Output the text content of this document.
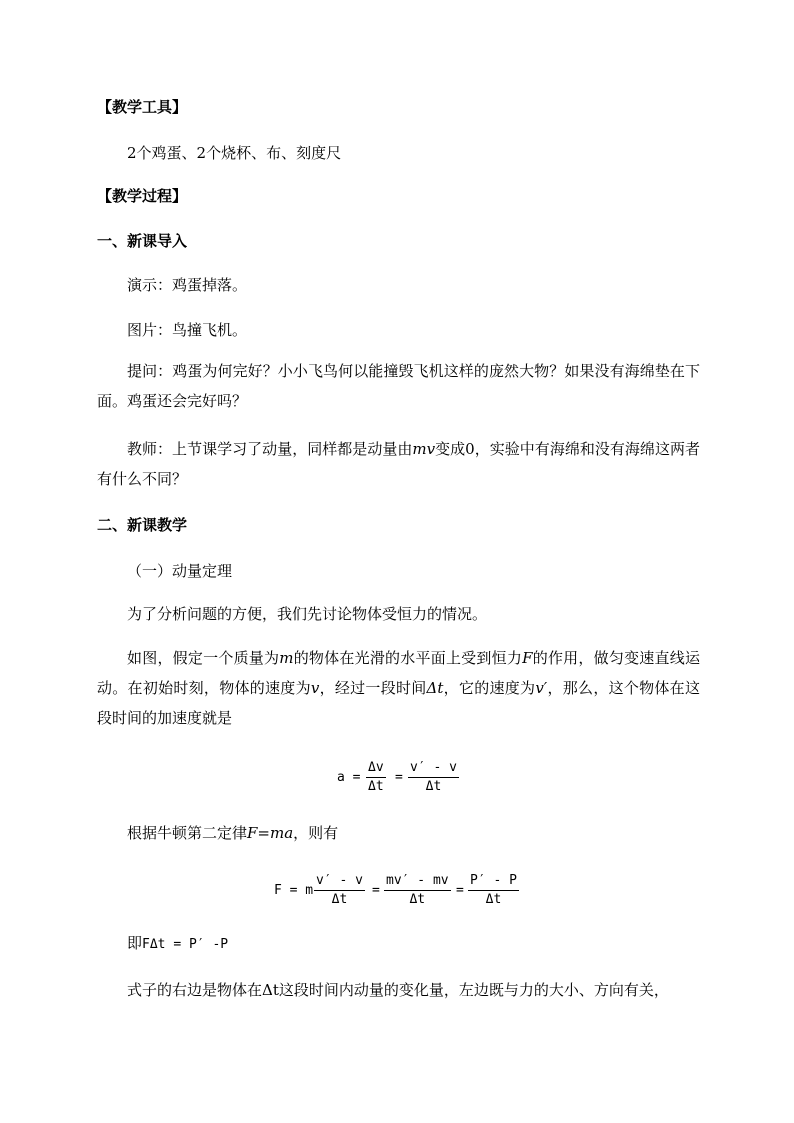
【教学工具】
2个鸡蛋、2个烧杯、布、刻度尺
【教学过程】
一、新课导入
演示：鸡蛋掉落。
图片：鸟撞飞机。
提问：鸡蛋为何完好？小小飞鸟何以能撞毁飞机这样的庞然大物？如果没有海绵垫在下面。鸡蛋还会完好吗？
教师：上节课学习了动量，同样都是动量由mv变成0，实验中有海绵和没有海绵这两者有什么不同？
二、新课教学
（一）动量定理
为了分析问题的方便，我们先讨论物体受恒力的情况。
如图，假定一个质量为m的物体在光滑的水平面上受到恒力F的作用，做匀变速直线运动。在初始时刻，物体的速度为v，经过一段时间Δt，它的速度为v′，那么，这个物体在这段时间的加速度就是
$a = \frac{\Delta v}{\Delta t} = \frac{v' - v}{\Delta t}$
根据牛顿第二定律F=ma，则有
F = m $\frac{v' - v}{\Delta t} = \frac{mv' - mv}{\Delta t} = \frac{P' - P}{\Delta t}$
即FΔt = P′ -P
式子的右边是物体在Δt这段时间内动量的变化量，左边既与力的大小、方向有关，
